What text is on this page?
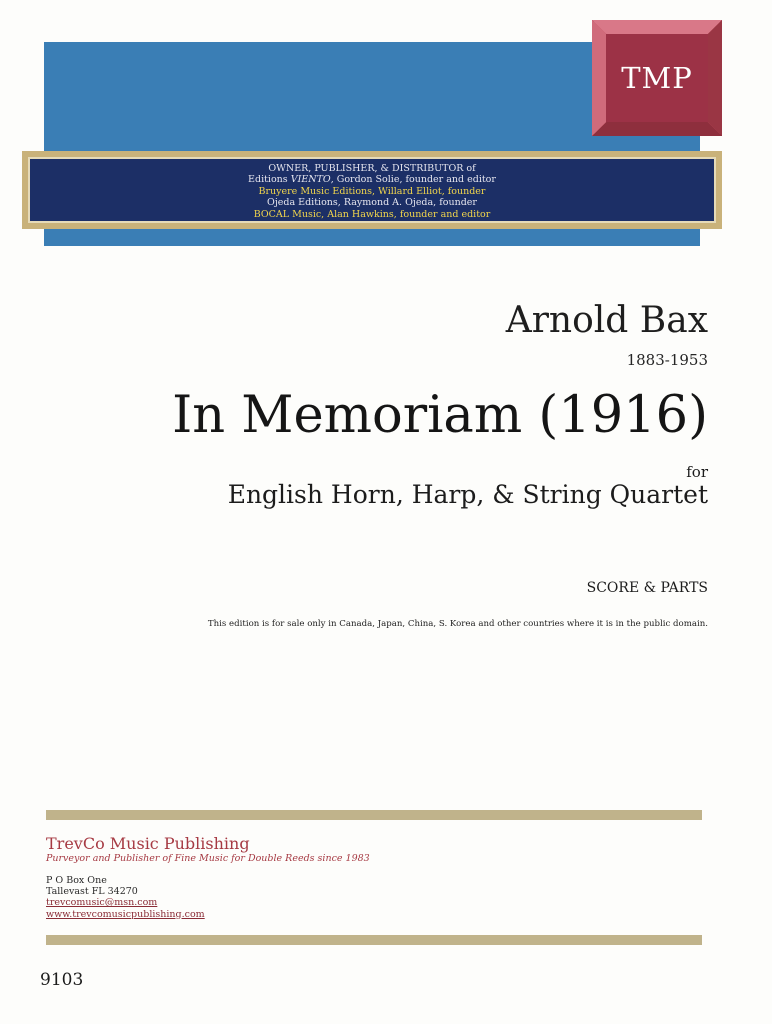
TMP
OWNER, PUBLISHER, & DISTRIBUTOR of
Editions VIENTO, Gordon Solie, founder and editor
Bruyere Music Editions, Willard Elliot, founder
Ojeda Editions, Raymond A. Ojeda, founder
BOCAL Music, Alan Hawkins, founder and editor
Arnold Bax
1883-1953
In Memoriam (1916)
for
English Horn, Harp, & String Quartet
SCORE & PARTS
This edition is for sale only in Canada, Japan, China, S. Korea and other countries where it is in the public domain.
TrevCo Music Publishing
Purveyor and Publisher of Fine Music for Double Reeds since 1983
P O Box One
Tallevast FL 34270
trevcomusic@msn.com
www.trevcomusicpublishing.com
9103
